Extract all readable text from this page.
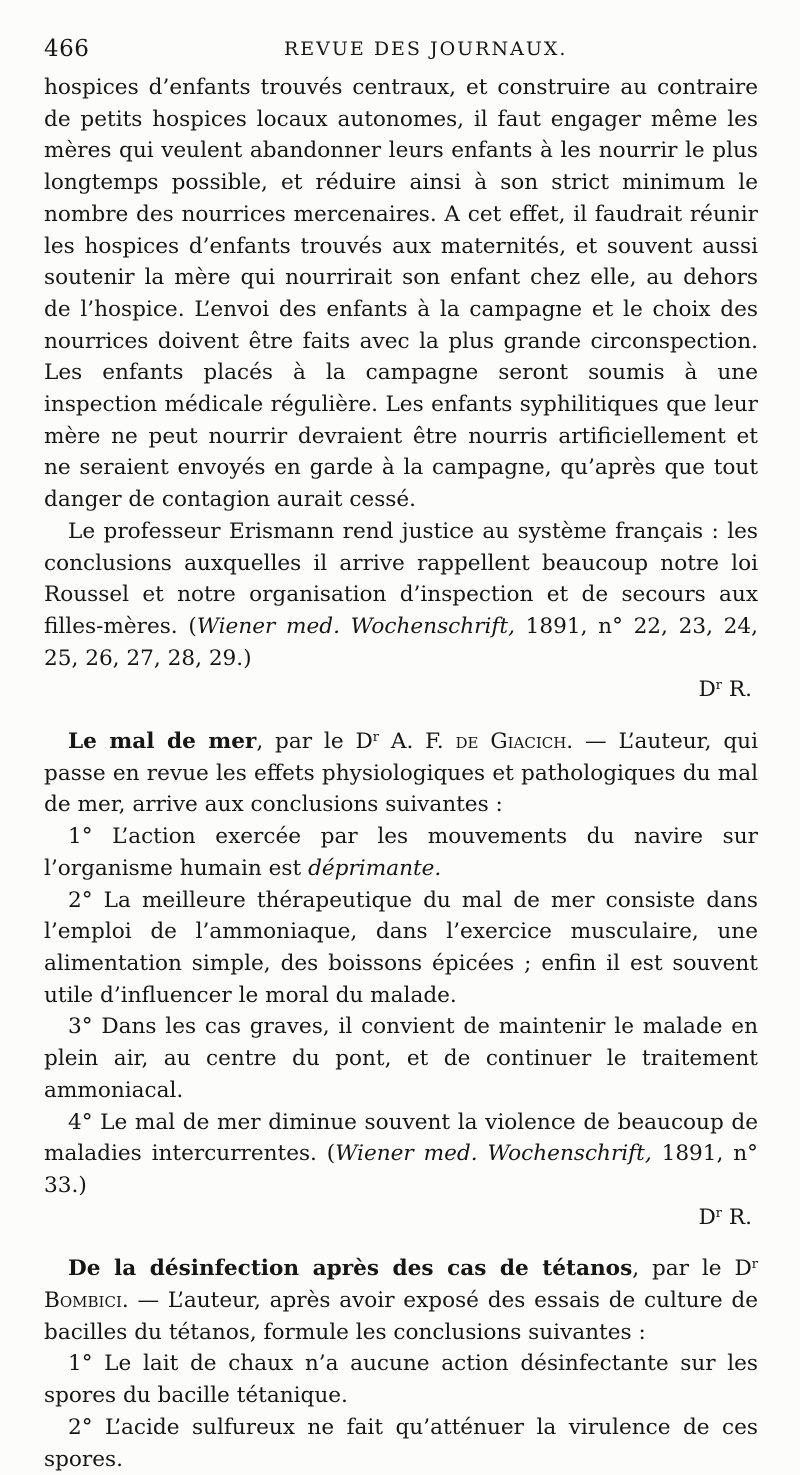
466	REVUE DES JOURNAUX.

hospices d’enfants trouvés centraux, et construire au contraire de petits hospices locaux autonomes, il faut engager même les mères qui veulent abandonner leurs enfants à les nourrir le plus longtemps possible, et réduire ainsi à son strict minimum le nombre des nourrices mercenaires. A cet effet, il faudrait réunir les hospices d’enfants trouvés aux maternités, et souvent aussi soutenir la mère qui nourrirait son enfant chez elle, au dehors de l’hospice. L’envoi des enfants à la campagne et le choix des nourrices doivent être faits avec la plus grande circonspection. Les enfants placés à la campagne seront soumis à une inspection médicale régulière. Les enfants syphilitiques que leur mère ne peut nourrir devraient être nourris artificiellement et ne seraient envoyés en garde à la campagne, qu’après que tout danger de contagion aurait cessé.

Le professeur Erismann rend justice au système français : les conclusions auxquelles il arrive rappellent beaucoup notre loi Roussel et notre organisation d’inspection et de secours aux filles-mères. (Wiener med. Wochenschrift, 1891, n° 22, 23, 24, 25, 26, 27, 28, 29.)

$D^r$ R.

Le mal de mer, par le $D^r$ A. F. de Giacich. — L’auteur, qui passe en revue les effets physiologiques et pathologiques du mal de mer, arrive aux conclusions suivantes :

1° L’action exercée par les mouvements du navire sur l’organisme humain est déprimante.

2° La meilleure thérapeutique du mal de mer consiste dans l’emploi de l’ammoniaque, dans l’exercice musculaire, une alimentation simple, des boissons épicées ; enfin il est souvent utile d’influencer le moral du malade.

3° Dans les cas graves, il convient de maintenir le malade en plein air, au centre du pont, et de continuer le traitement ammoniacal.

4° Le mal de mer diminue souvent la violence de beaucoup de maladies intercurrentes. (Wiener med. Wochenschrift, 1891, n° 33.)

$D^r$ R.

De la désinfection après des cas de tétanos, par le $D^r$ Bombici. — L’auteur, après avoir exposé des essais de culture de bacilles du tétanos, formule les conclusions suivantes :

1° Le lait de chaux n’a aucune action désinfectante sur les spores du bacille tétanique.

2° L’acide sulfureux ne fait qu’atténuer la virulence de ces spores.
